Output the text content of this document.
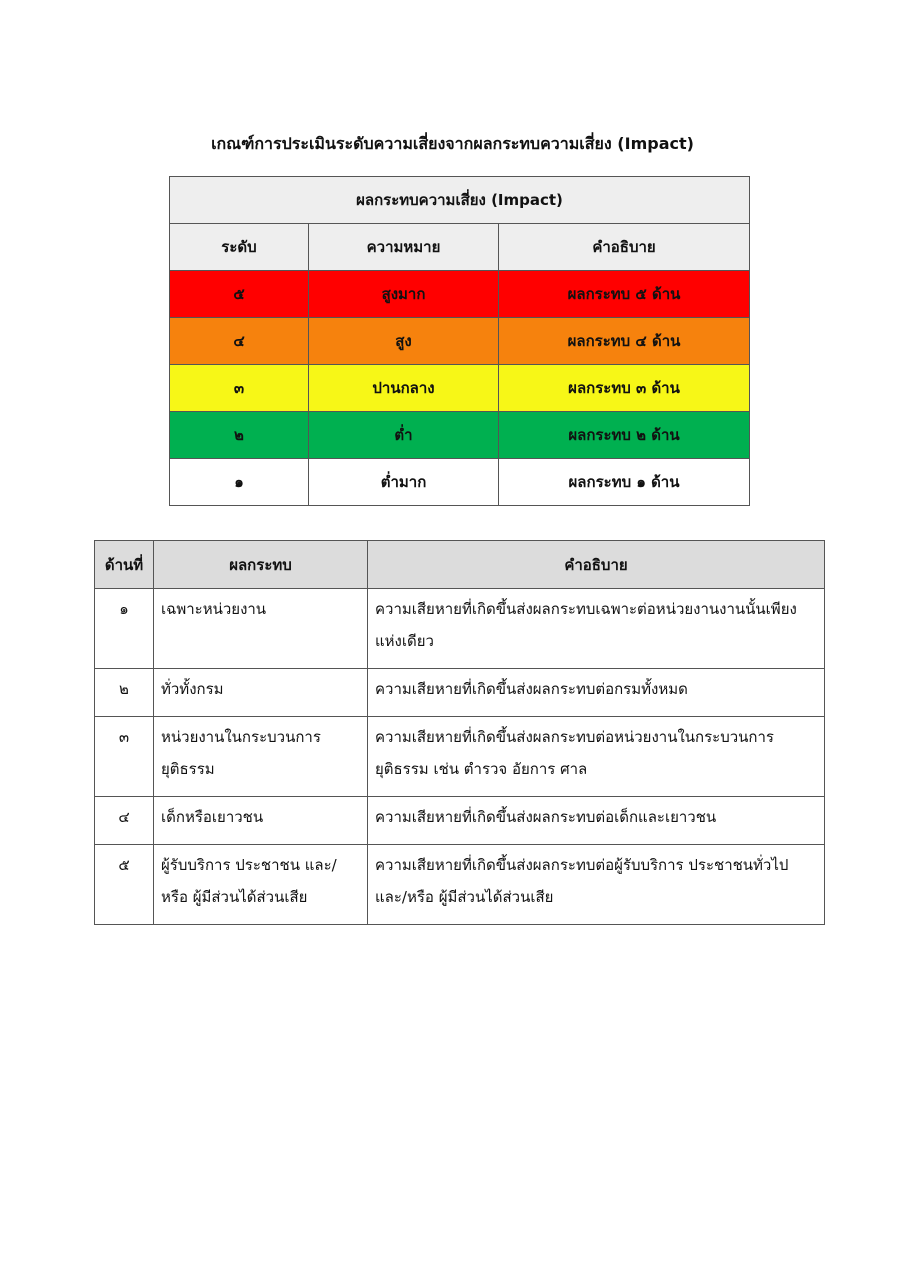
เกณฑ์การประเมินระดับความเสี่ยงจากผลกระทบความเสี่ยง (Impact)
ผลกระทบความเสี่ยง (Impact)		
ระดับ	ความหมาย	คำอธิบาย
๕	สูงมาก	ผลกระทบ ๕ ด้าน
๔	สูง	ผลกระทบ ๔ ด้าน
๓	ปานกลาง	ผลกระทบ ๓ ด้าน
๒	ต่ำ	ผลกระทบ ๒ ด้าน
๑	ต่ำมาก	ผลกระทบ ๑ ด้าน
ด้านที่	ผลกระทบ	คำอธิบาย
๑	เฉพาะหน่วยงาน	ความเสียหายที่เกิดขึ้นส่งผลกระทบเฉพาะต่อหน่วยงานงานนั้นเพียงแห่งเดียว
๒	ทั่วทั้งกรม	ความเสียหายที่เกิดขึ้นส่งผลกระทบต่อกรมทั้งหมด
๓	หน่วยงานในกระบวนการยุติธรรม	ความเสียหายที่เกิดขึ้นส่งผลกระทบต่อหน่วยงานในกระบวนการยุติธรรม เช่น ตำรวจ อัยการ ศาล
๔	เด็กหรือเยาวชน	ความเสียหายที่เกิดขึ้นส่งผลกระทบต่อเด็กและเยาวชน
๕	ผู้รับบริการ ประชาชน และ/หรือ ผู้มีส่วนได้ส่วนเสีย	ความเสียหายที่เกิดขึ้นส่งผลกระทบต่อผู้รับบริการ ประชาชนทั่วไป และ/หรือ ผู้มีส่วนได้ส่วนเสีย
